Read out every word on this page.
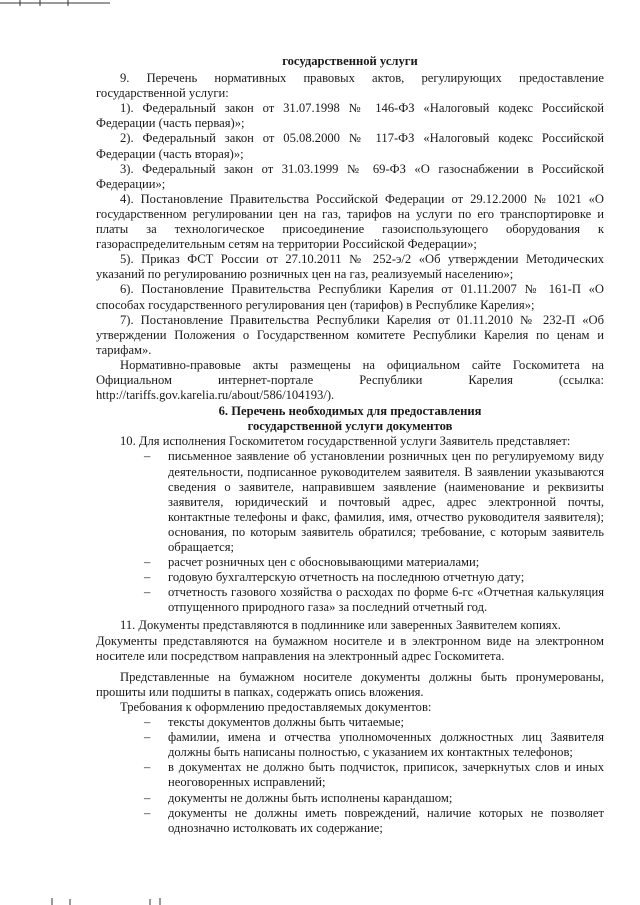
государственной услуги
9. Перечень нормативных правовых актов, регулирующих предоставление государственной услуги:
1). Федеральный закон от 31.07.1998 № 146-ФЗ «Налоговый кодекс Российской Федерации (часть первая)»;
2). Федеральный закон от 05.08.2000 № 117-ФЗ «Налоговый кодекс Российской Федерации (часть вторая)»;
3). Федеральный закон от 31.03.1999 № 69-ФЗ «О газоснабжении в Российской Федерации»;
4). Постановление Правительства Российской Федерации от 29.12.2000 № 1021 «О государственном регулировании цен на газ, тарифов на услуги по его транспортировке и платы за технологическое присоединение газоиспользующего оборудования к газораспределительным сетям на территории Российской Федерации»;
5). Приказ ФСТ России от 27.10.2011 № 252-э/2 «Об утверждении Методических указаний по регулированию розничных цен на газ, реализуемый населению»;
6). Постановление Правительства Республики Карелия от 01.11.2007 № 161-П «О способах государственного регулирования цен (тарифов) в Республике Карелия»;
7). Постановление Правительства Республики Карелия от 01.11.2010 № 232-П «Об утверждении Положения о Государственном комитете Республики Карелия по ценам и тарифам».
Нормативно-правовые акты размещены на официальном сайте Госкомитета на Официальном интернет-портале Республики Карелия (ссылка: http://tariffs.gov.karelia.ru/about/586/104193/).
6. Перечень необходимых для предоставления
государственной услуги документов
10. Для исполнения Госкомитетом государственной услуги Заявитель представляет:
–	письменное заявление об установлении розничных цен по регулируемому виду деятельности, подписанное руководителем заявителя. В заявлении указываются сведения о заявителе, направившем заявление (наименование и реквизиты заявителя, юридический и почтовый адрес, адрес электронной почты, контактные телефоны и факс, фамилия, имя, отчество руководителя заявителя); основания, по которым заявитель обратился; требование, с которым заявитель обращается;
–	расчет розничных цен с обосновывающими материалами;
–	годовую бухгалтерскую отчетность на последнюю отчетную дату;
–	отчетность газового хозяйства о расходах по форме 6-гс «Отчетная калькуляция отпущенного природного газа» за последний отчетный год.
11. Документы представляются в подлиннике или заверенных Заявителем копиях.
Документы представляются на бумажном носителе и в электронном виде на электронном носителе или посредством направления на электронный адрес Госкомитета.
Представленные на бумажном носителе документы должны быть пронумерованы, прошиты или подшиты в папках, содержать опись вложения.
Требования к оформлению предоставляемых документов:
–	тексты документов должны быть читаемые;
–	фамилии, имена и отчества уполномоченных должностных лиц Заявителя должны быть написаны полностью, с указанием их контактных телефонов;
–	в документах не должно быть подчисток, приписок, зачеркнутых слов и иных неоговоренных исправлений;
–	документы не должны быть исполнены карандашом;
–	документы не должны иметь повреждений, наличие которых не позволяет однозначно истолковать их содержание;
